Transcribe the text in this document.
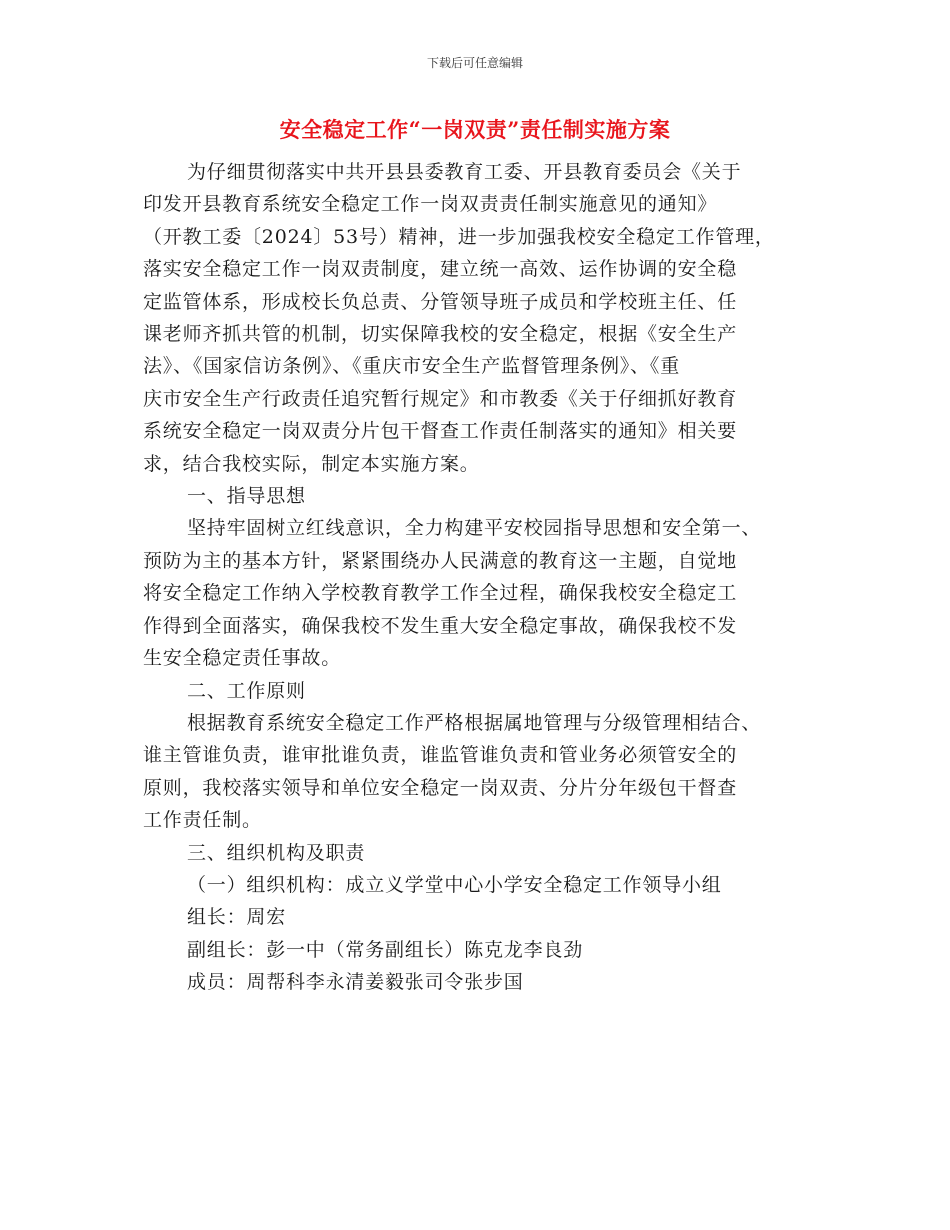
下载后可任意编辑
安全稳定工作“一岗双责”责任制实施方案

为仔细贯彻落实中共开县县委教育工委、开县教育委员会《关于

印发开县教育系统安全稳定工作一岗双责责任制实施意见的通知》

（开教工委〔2024〕53号）精神，进一步加强我校安全稳定工作管理，

落实安全稳定工作一岗双责制度，建立统一高效、运作协调的安全稳

定监管体系，形成校长负总责、分管领导班子成员和学校班主任、任

课老师齐抓共管的机制，切实保障我校的安全稳定，根据《安全生产

法》、《国家信访条例》、《重庆市安全生产监督管理条例》、《重

庆市安全生产行政责任追究暂行规定》和市教委《关于仔细抓好教育

系统安全稳定一岗双责分片包干督查工作责任制落实的通知》相关要

求，结合我校实际，制定本实施方案。

一、指导思想

坚持牢固树立红线意识，全力构建平安校园指导思想和安全第一、

预防为主的基本方针，紧紧围绕办人民满意的教育这一主题，自觉地

将安全稳定工作纳入学校教育教学工作全过程，确保我校安全稳定工

作得到全面落实，确保我校不发生重大安全稳定事故，确保我校不发

生安全稳定责任事故。

二、工作原则

根据教育系统安全稳定工作严格根据属地管理与分级管理相结合、

谁主管谁负责，谁审批谁负责，谁监管谁负责和管业务必须管安全的

原则，我校落实领导和单位安全稳定一岗双责、分片分年级包干督查

工作责任制。

三、组织机构及职责

（一）组织机构：成立义学堂中心小学安全稳定工作领导小组

组长：周宏

副组长：彭一中（常务副组长）陈克龙李良劲

成员：周帮科李永清姜毅张司令张步国
